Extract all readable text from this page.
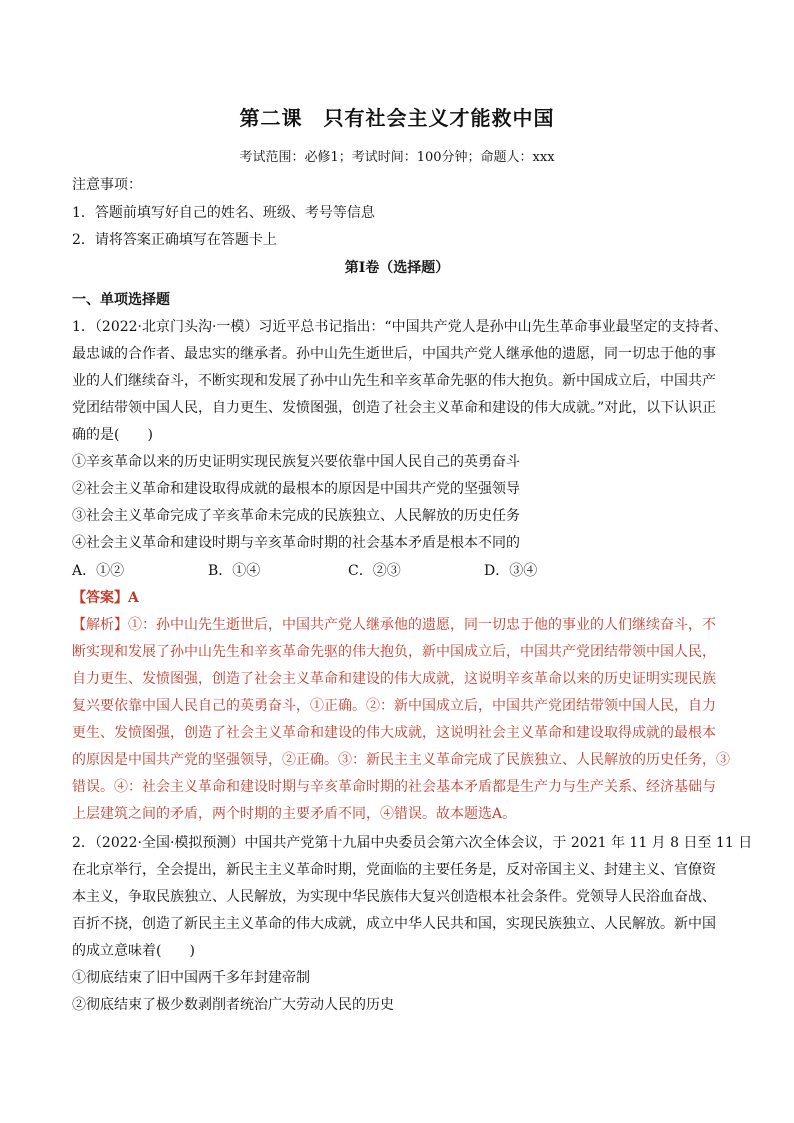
第二课　只有社会主义才能救中国
考试范围：必修1；考试时间：100分钟；命题人：xxx
注意事项：
1．答题前填写好自己的姓名、班级、考号等信息
2．请将答案正确填写在答题卡上
第I卷（选择题）
一、单项选择题
1．（2022·北京门头沟·一模）习近平总书记指出：“中国共产党人是孙中山先生革命事业最坚定的支持者、
最忠诚的合作者、最忠实的继承者。孙中山先生逝世后，中国共产党人继承他的遗愿，同一切忠于他的事
业的人们继续奋斗，不断实现和发展了孙中山先生和辛亥革命先驱的伟大抱负。新中国成立后，中国共产
党团结带领中国人民，自力更生、发愤图强，创造了社会主义革命和建设的伟大成就。”对此，以下认识正
确的是(　　)
①辛亥革命以来的历史证明实现民族复兴要依靠中国人民自己的英勇奋斗
②社会主义革命和建设取得成就的最根本的原因是中国共产党的坚强领导
③社会主义革命完成了辛亥革命未完成的民族独立、人民解放的历史任务
④社会主义革命和建设时期与辛亥革命时期的社会基本矛盾是根本不同的
A．①②	B．①④	C．②③	D．③④
【答案】A
【解析】①：孙中山先生逝世后，中国共产党人继承他的遗愿，同一切忠于他的事业的人们继续奋斗，不
断实现和发展了孙中山先生和辛亥革命先驱的伟大抱负，新中国成立后，中国共产党团结带领中国人民，
自力更生、发愤图强，创造了社会主义革命和建设的伟大成就，这说明辛亥革命以来的历史证明实现民族
复兴要依靠中国人民自己的英勇奋斗，①正确。②：新中国成立后，中国共产党团结带领中国人民，自力
更生、发愤图强，创造了社会主义革命和建设的伟大成就，这说明社会主义革命和建设取得成就的最根本
的原因是中国共产党的坚强领导，②正确。③：新民主主义革命完成了民族独立、人民解放的历史任务，③
错误。④：社会主义革命和建设时期与辛亥革命时期的社会基本矛盾都是生产力与生产关系、经济基础与
上层建筑之间的矛盾，两个时期的主要矛盾不同，④错误。故本题选A。
2．（2022·全国·模拟预测）中国共产党第十九届中央委员会第六次全体会议，于 2021 年 11 月 8 日至 11 日
在北京举行，全会提出，新民主主义革命时期，党面临的主要任务是，反对帝国主义、封建主义、官僚资
本主义，争取民族独立、人民解放，为实现中华民族伟大复兴创造根本社会条件。党领导人民浴血奋战、
百折不挠，创造了新民主主义革命的伟大成就，成立中华人民共和国，实现民族独立、人民解放。新中国
的成立意味着(　　)
①彻底结束了旧中国两千多年封建帝制
②彻底结束了极少数剥削者统治广大劳动人民的历史
